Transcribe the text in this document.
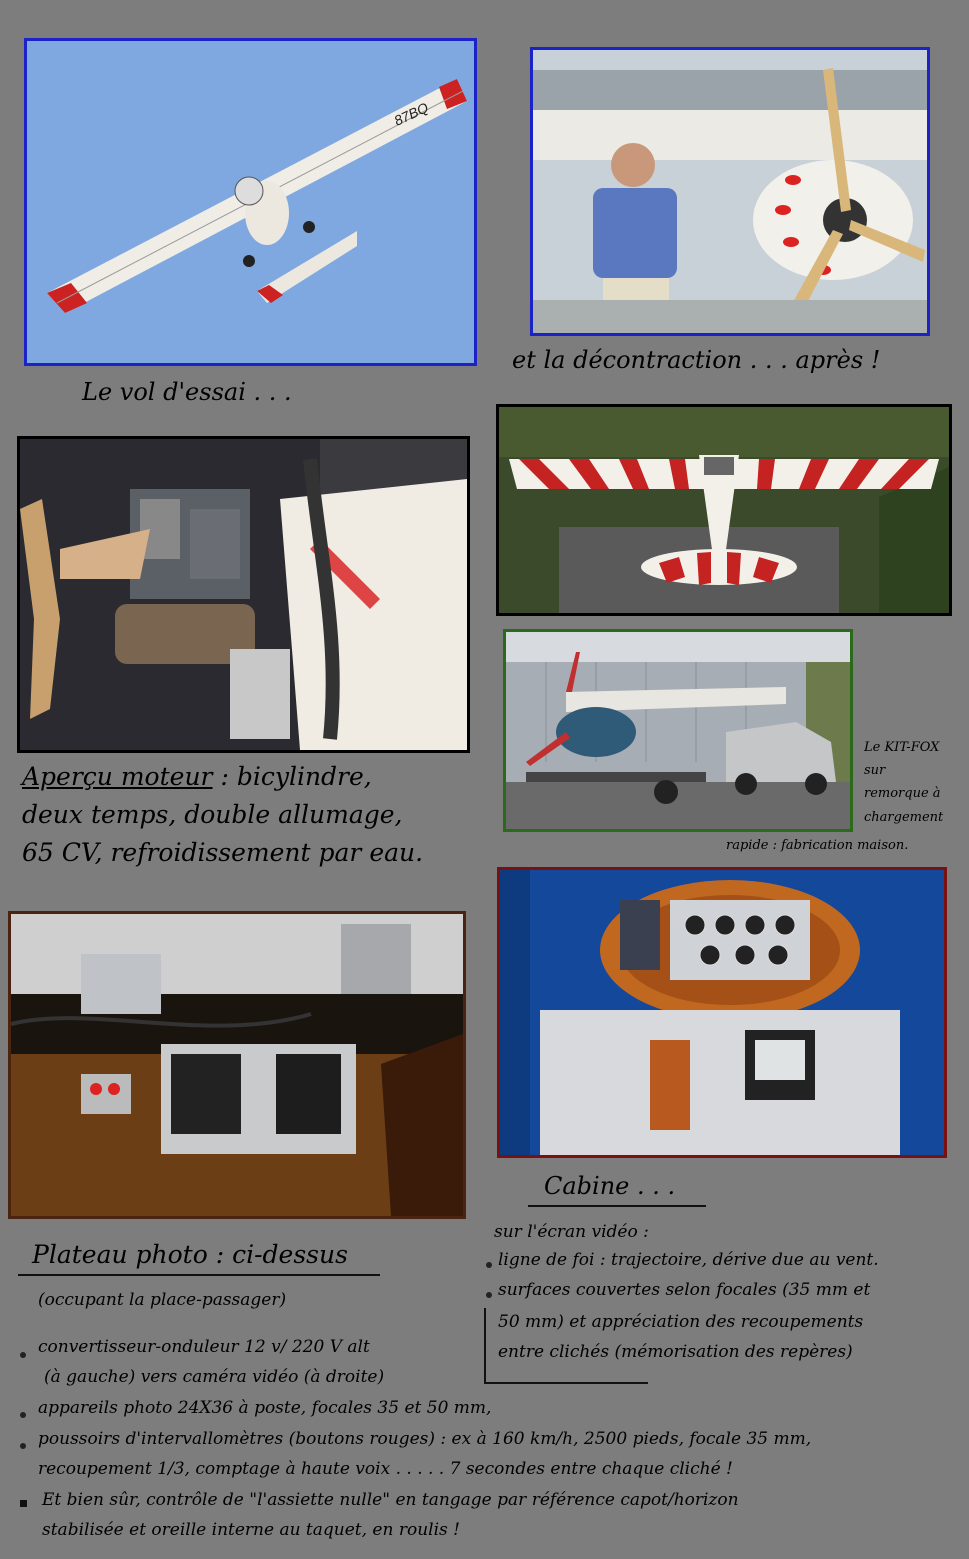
87BQ
Le vol d'essai . . .
et la décontraction . . . après !
Aperçu moteur : bicylindre,
deux temps, double allumage,
65 CV, refroidissement par eau.
Le KIT-FOX
sur
remorque à
chargement
rapide : fabrication maison.
Cabine . . .
sur l'écran vidéo :
ligne de foi : trajectoire, dérive due au vent.
surfaces couvertes selon focales (35 mm et
50 mm) et appréciation des recoupements
entre clichés (mémorisation des repères)
Plateau photo : ci-dessus
(occupant la place-passager)
convertisseur-onduleur 12 v/ 220 V alt
(à gauche) vers caméra vidéo (à droite)
appareils photo 24X36 à poste, focales 35 et 50 mm,
poussoirs d'intervallomètres (boutons rouges) : ex à 160 km/h, 2500 pieds, focale 35 mm,
recoupement 1/3, comptage à haute voix . . . . . 7 secondes entre chaque cliché !
Et bien sûr, contrôle de "l'assiette nulle" en tangage par référence capot/horizon
stabilisée et oreille interne au taquet, en roulis !
